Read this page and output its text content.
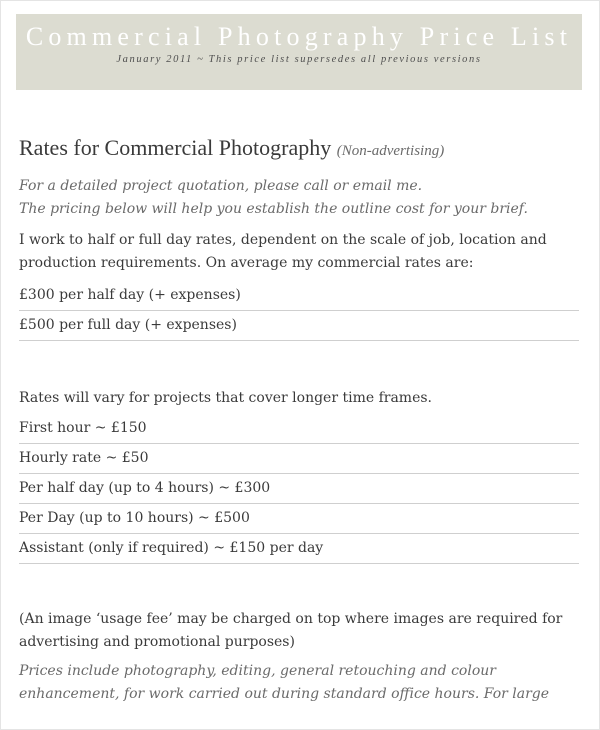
Commercial Photography Price List
January 2011 ~ This price list supersedes all previous versions
Rates for Commercial Photography (Non-advertising)

For a detailed project quotation, please call or email me.

The pricing below will help you establish the outline cost for your brief.

I work to half or full day rates, dependent on the scale of job, location and production requirements. On average my commercial rates are:

£300 per half day (+ expenses)
£500 per full day (+ expenses)

Rates will vary for projects that cover longer time frames.

First hour ~ £150
Hourly rate ~ £50
Per half day (up to 4 hours) ~ £300
Per Day (up to 10 hours) ~ £500
Assistant (only if required) ~ £150 per day

(An image ‘usage fee’ may be charged on top where images are required for advertising and promotional purposes)

Prices include photography, editing, general retouching and colour enhancement, for work carried out during standard office hours. For large
